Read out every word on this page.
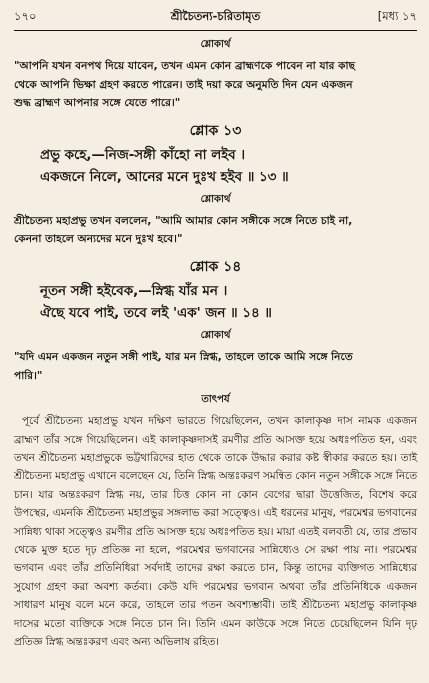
১৭০	শ্রীচৈতন্য-চরিতামৃত	[মধ্য ১৭
শ্লোকার্থ

"আপনি যখন বনপথ দিয়ে যাবেন, তখন এমন কোন ব্রাহ্মণকে পাবেন না যার কাছ
থেকে আপনি ভিক্ষা গ্রহণ করতে পারেন। তাই দয়া করে অনুমতি দিন যেন একজন
শুদ্ধ ব্রাহ্মণ আপনার সঙ্গে যেতে পারে।"

শ্লোক ১৩
প্রভু কহে,—নিজ-সঙ্গী কাঁহো না লইব ।
একজনে নিলে, আনের মনে দুঃখ হইব ॥ ১৩ ॥
শ্লোকার্থ

শ্রীচৈতন্য মহাপ্রভু তখন বললেন, "আমি আমার কোন সঙ্গীকে সঙ্গে নিতে চাই না,
কেননা তাহলে অন্যদের মনে দুঃখ হবে।"

শ্লোক ১৪
নূতন সঙ্গী হইবেক,—স্নিগ্ধ যাঁর মন ।
ঐছে যবে পাই, তবে লই 'এক' জন ॥ ১৪ ॥
শ্লোকার্থ

"যদি এমন একজন নতুন সঙ্গী পাই, যার মন স্নিগ্ধ, তাহলে তাকে আমি সঙ্গে নিতে
পারি।"

তাৎপর্য

পূর্বে শ্রীচৈতন্য মহাপ্রভু যখন দক্ষিণ ভারতে গিয়েছিলেন, তখন কালাকৃষ্ণ দাস নামক একজন ব্রাহ্মণ তাঁর সঙ্গে গিয়েছিলেন। এই কালাকৃষ্ণদাসই রমণীর প্রতি আসক্ত হয়ে অধঃপতিত হন, এবং তখন শ্রীচৈতন্য মহাপ্রভুকে ভট্টথারিদের হাত থেকে তাকে উদ্ধার করার কষ্ট স্বীকার করতে হয়। তাই শ্রীচৈতন্য মহাপ্রভু এখানে বলেছেন যে, তিনি স্নিগ্ধ অন্তঃকরণ সমন্বিত কোন নতুন সঙ্গীকে সঙ্গে নিতে চান। যার অন্তঃকরণ স্নিগ্ধ নয়, তার চিত্ত কোন না কোন বেগের দ্বারা উত্তেজিত, বিশেষ করে উপস্থের, এমনকি শ্রীচৈতন্য মহাপ্রভুর সঙ্গলাভ করা সত্ত্বেও। এই ধরনের মানুষ, পরমেশ্বর ভগবানের সান্নিধ্য থাকা সত্ত্বেও রমণীর প্রতি আসক্ত হয়ে অধঃপতিত হয়। মায়া এতই বলবতী যে, তার প্রভাব থেকে মুক্ত হতে দৃঢ় প্রতিজ্ঞ না হলে, পরমেশ্বর ভগবানের সান্নিধ্যেও সে রক্ষা পায় না। পরমেশ্বর ভগবান এবং তাঁর প্রতিনিধিরা সর্বদাই তাদের রক্ষা করতে চান, কিন্তু তাদের ব্যক্তিগত সান্নিধ্যের সুযোগ গ্রহণ করা অবশ্য কর্তব্য। কেউ যদি পরমেশ্বর ভগবান অথবা তাঁর প্রতিনিধিকে একজন সাধারণ মানুষ বলে মনে করে, তাহলে তার পতন অবশ্যম্ভাবী। তাই শ্রীচৈতন্য মহাপ্রভু কালাকৃষ্ণ দাসের মতো ব্যক্তিকে সঙ্গে নিতে চান নি। তিনি এমন কাউকে সঙ্গে নিতে চেয়েছিলেন যিনি দৃঢ় প্রতিজ্ঞ স্নিগ্ধ অন্তঃকরণ এবং অন্য অভিলাষ রহিত।
